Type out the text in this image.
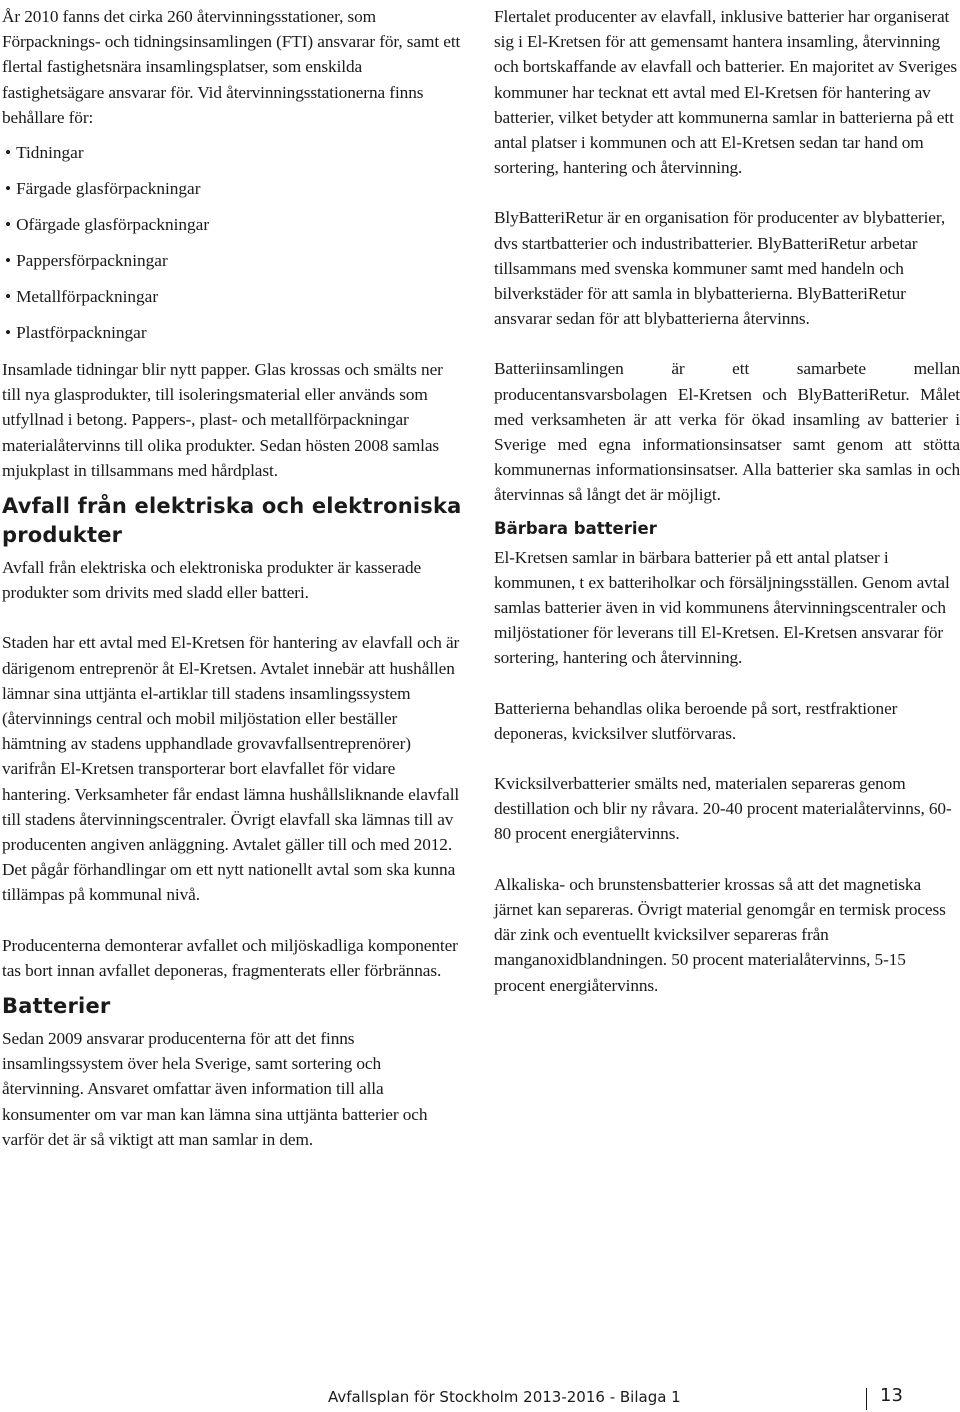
År 2010 fanns det cirka 260 återvinningsstationer, som Förpacknings- och tidningsinsamlingen (FTI) ansvarar för, samt ett flertal fastighetsnära insamlingsplatser, som enskilda fastighetsägare ansvarar för. Vid återvinningsstationerna finns behållare för:

• Tidningar
• Färgade glasförpackningar
• Ofärgade glasförpackningar
• Pappersförpackningar
• Metallförpackningar
• Plastförpackningar

Insamlade tidningar blir nytt papper. Glas krossas och smälts ner till nya glasprodukter, till isoleringsmaterial eller används som utfyllnad i betong. Pappers-, plast- och metallförpackningar materialåtervinns till olika produkter. Sedan hösten 2008 samlas mjukplast in tillsammans med hårdplast.

Avfall från elektriska och elektroniska produkter

Avfall från elektriska och elektroniska produkter är kasserade produkter som drivits med sladd eller batteri.

Staden har ett avtal med El-Kretsen för hantering av elavfall och är därigenom entreprenör åt El-Kretsen. Avtalet innebär att hushållen lämnar sina uttjänta el-artiklar till stadens insamlingssystem (återvinnings central och mobil miljöstation eller beställer hämtning av stadens upphandlade grovavfallsentreprenörer) varifrån El-Kretsen transporterar bort elavfallet för vidare hantering. Verksamheter får endast lämna hushållsliknande elavfall till stadens återvinningscentraler. Övrigt elavfall ska lämnas till av producenten angiven anläggning. Avtalet gäller till och med 2012. Det pågår förhandlingar om ett nytt nationellt avtal som ska kunna tillämpas på kommunal nivå.

Producenterna demonterar avfallet och miljöskadliga komponenter tas bort innan avfallet deponeras, fragmenterats eller förbrännas.

Batterier

Sedan 2009 ansvarar producenterna för att det finns insamlingssystem över hela Sverige, samt sortering och återvinning. Ansvaret omfattar även information till alla konsumenter om var man kan lämna sina uttjänta batterier och varför det är så viktigt att man samlar in dem.

Flertalet producenter av elavfall, inklusive batterier har organiserat sig i El-Kretsen för att gemensamt hantera insamling, återvinning och bortskaffande av elavfall och batterier. En majoritet av Sveriges kommuner har tecknat ett avtal med El-Kretsen för hantering av batterier, vilket betyder att kommunerna samlar in batterierna på ett antal platser i kommunen och att El-Kretsen sedan tar hand om sortering, hantering och återvinning.

BlyBatteriRetur är en organisation för producenter av blybatterier, dvs startbatterier och industribatterier. BlyBatteriRetur arbetar tillsammans med svenska kommuner samt med handeln och bilverkstäder för att samla in blybatterierna. BlyBatteriRetur ansvarar sedan för att blybatterierna återvinns.

Batteriinsamlingen är ett samarbete mellan producentansvarsbolagen El-Kretsen och BlyBatteriRetur. Målet med verksamheten är att verka för ökad insamling av batterier i Sverige med egna informationsinsatser samt genom att stötta kommunernas informationsinsatser. Alla batterier ska samlas in och återvinnas så långt det är möjligt.

Bärbara batterier

El-Kretsen samlar in bärbara batterier på ett antal platser i kommunen, t ex batteriholkar och försäljningsställen. Genom avtal samlas batterier även in vid kommunens återvinningscentraler och miljöstationer för leverans till El-Kretsen. El-Kretsen ansvarar för sortering, hantering och återvinning.

Batterierna behandlas olika beroende på sort, restfraktioner deponeras, kvicksilver slutförvaras.

Kvicksilverbatterier smälts ned, materialen separeras genom destillation och blir ny råvara. 20-40 procent materialåtervinns, 60-80 procent energiåtervinns.

Alkaliska- och brunstensbatterier krossas så att det magnetiska järnet kan separeras. Övrigt material genomgår en termisk process där zink och eventuellt kvicksilver separeras från manganoxidblandningen. 50 procent materialåtervinns, 5-15 procent energiåtervinns.

Avfallsplan för Stockholm 2013-2016 - Bilaga 1	13
